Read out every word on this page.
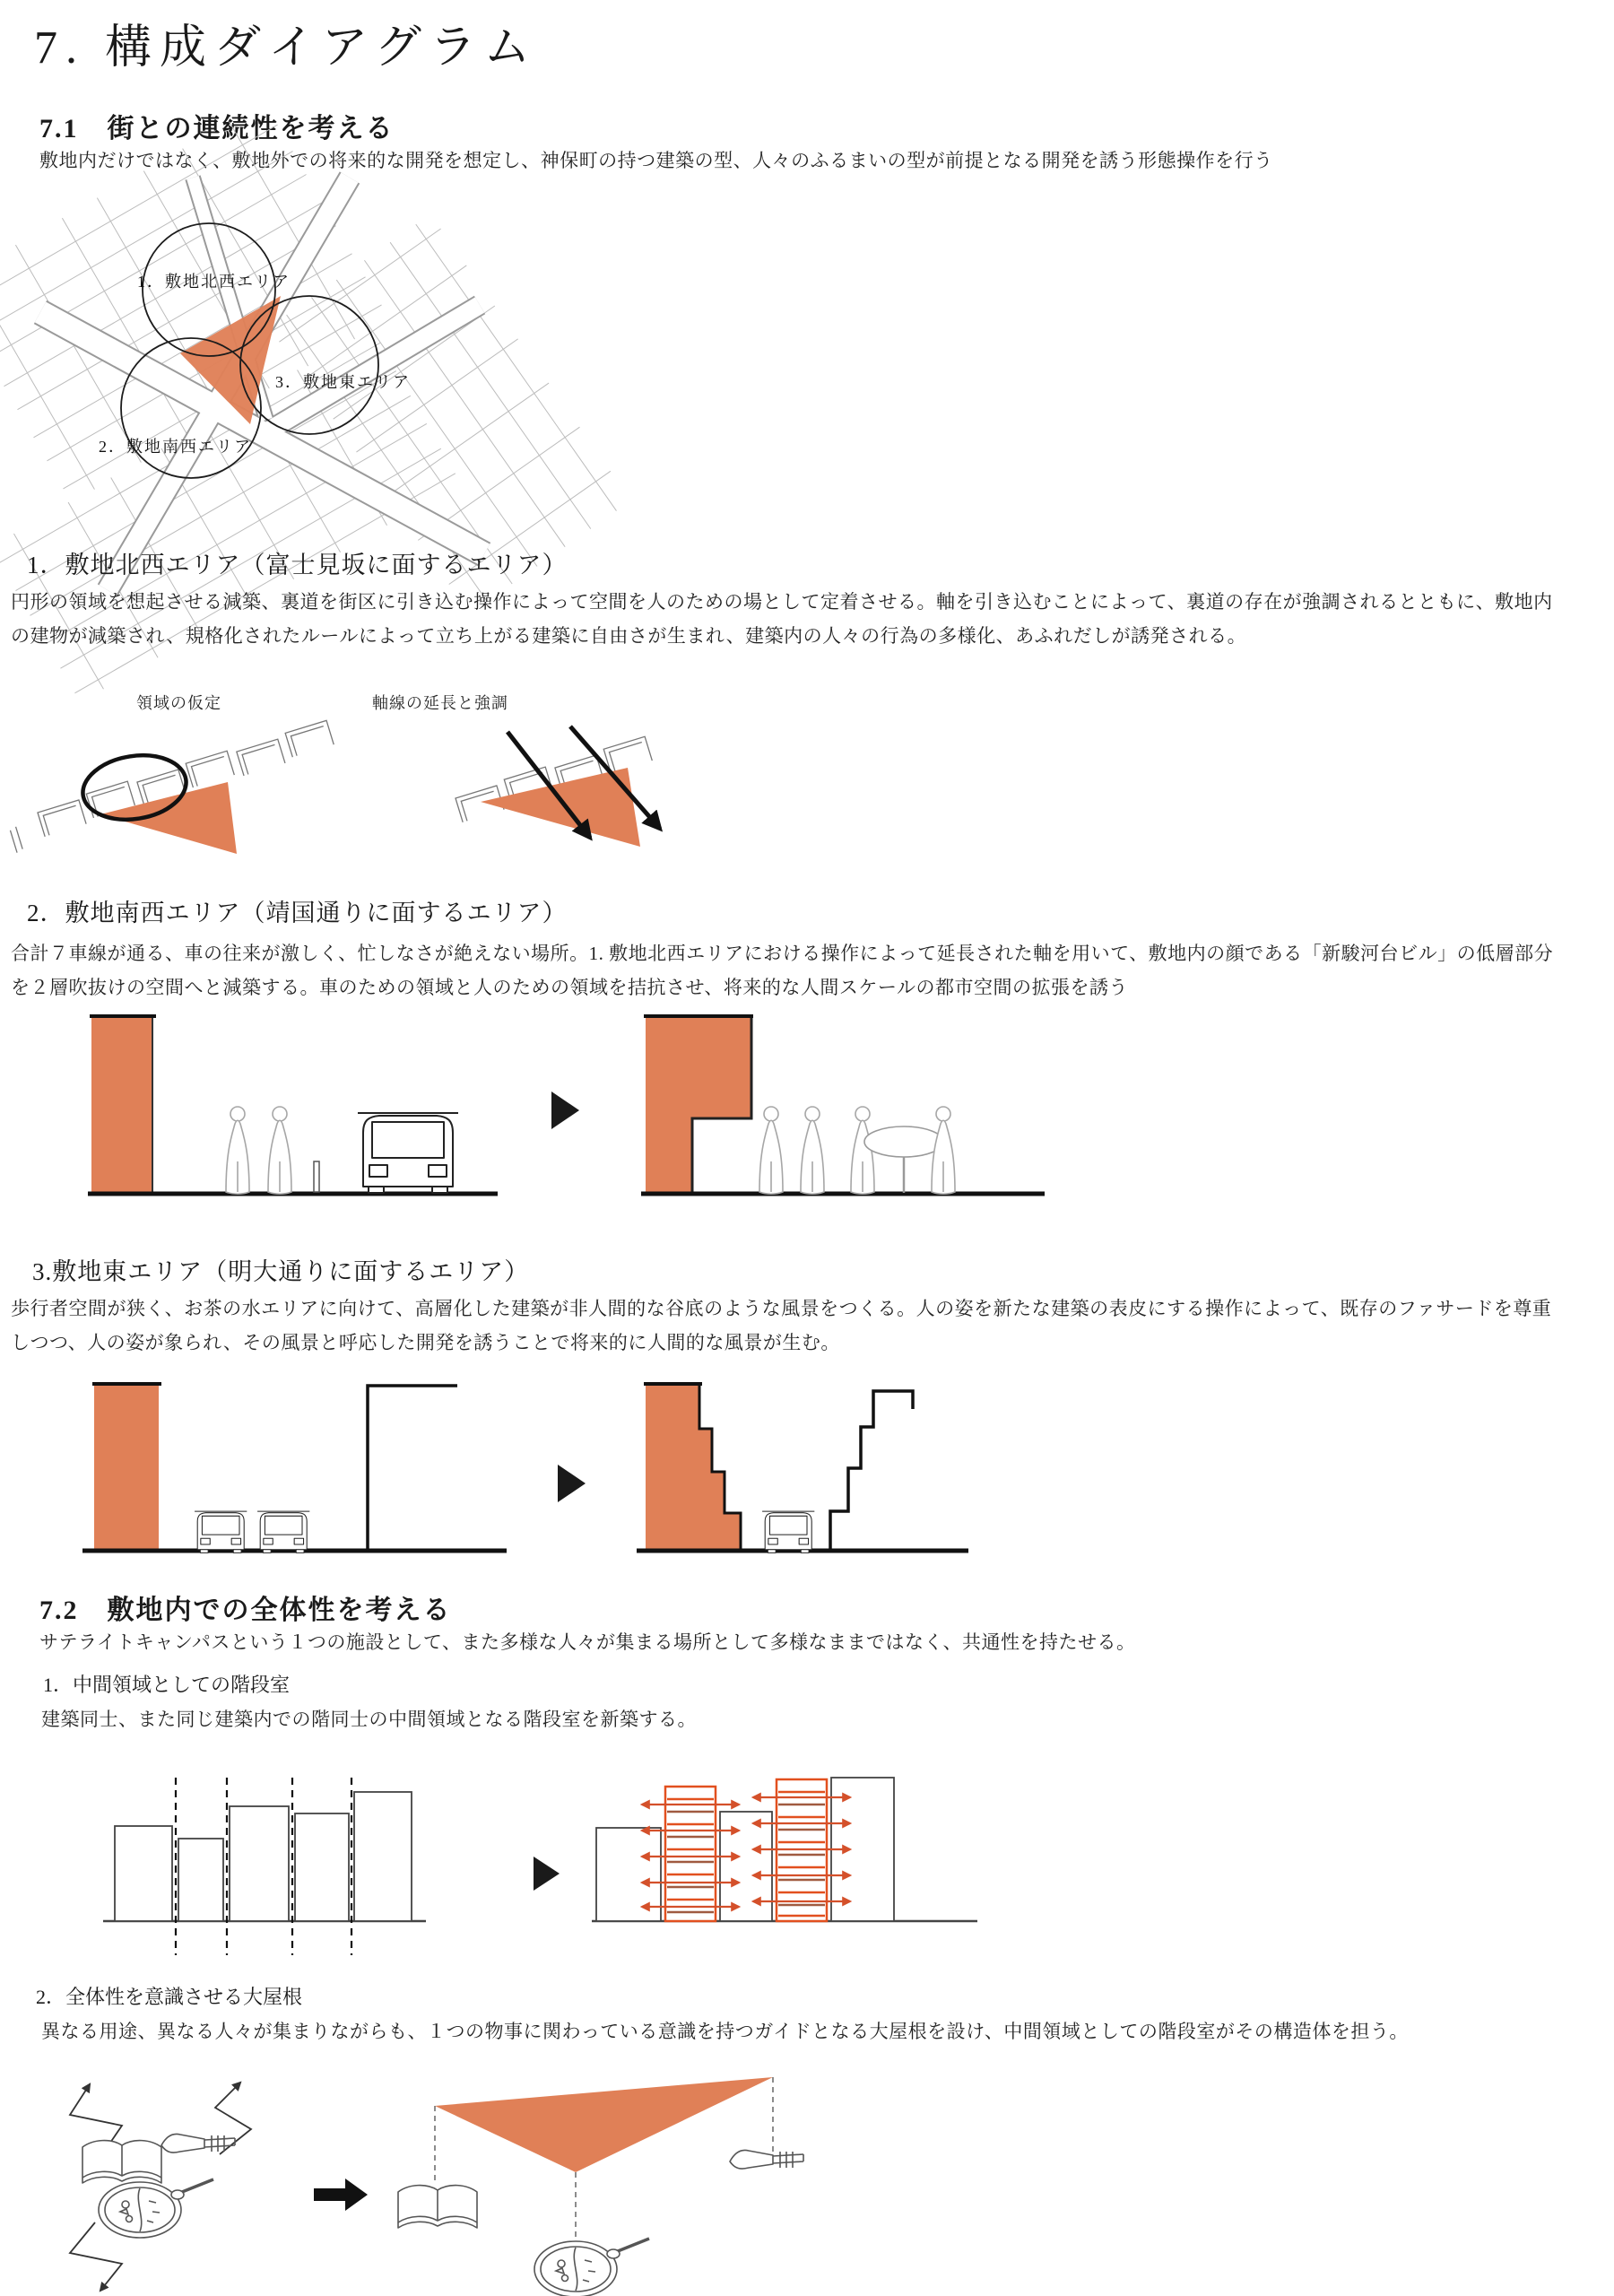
7. 構成ダイアグラム
7.1　街との連続性を考える
敷地内だけではなく、敷地外での将来的な開発を想定し、神保町の持つ建築の型、人々のふるまいの型が前提となる開発を誘う形態操作を行う
1．敷地北西エリア
3．敷地東エリア
2．敷地南西エリア
1．敷地北西エリア（富士見坂に面するエリア）
円形の領域を想起させる減築、裏道を街区に引き込む操作によって空間を人のための場として定着させる。軸を引き込むことによって、裏道の存在が強調されるとともに、敷地内の建物が減築され、規格化されたルールによって立ち上がる建築に自由さが生まれ、建築内の人々の行為の多様化、あふれだしが誘発される。
領域の仮定	軸線の延長と強調
2．敷地南西エリア（靖国通りに面するエリア）
合計７車線が通る、車の往来が激しく、忙しなさが絶えない場所。1. 敷地北西エリアにおける操作によって延長された軸を用いて、敷地内の顔である「新駿河台ビル」の低層部分を２層吹抜けの空間へと減築する。車のための領域と人のための領域を拮抗させ、将来的な人間スケールの都市空間の拡張を誘う
3.敷地東エリア（明大通りに面するエリア）
歩行者空間が狭く、お茶の水エリアに向けて、高層化した建築が非人間的な谷底のような風景をつくる。人の姿を新たな建築の表皮にする操作によって、既存のファサードを尊重しつつ、人の姿が象られ、その風景と呼応した開発を誘うことで将来的に人間的な風景が生む。
7.2　敷地内での全体性を考える
サテライトキャンパスという１つの施設として、また多様な人々が集まる場所として多様なままではなく、共通性を持たせる。
1．中間領域としての階段室
建築同士、また同じ建築内での階同士の中間領域となる階段室を新築する。
2．全体性を意識させる大屋根
異なる用途、異なる人々が集まりながらも、１つの物事に関わっている意識を持つガイドとなる大屋根を設け、中間領域としての階段室がその構造体を担う。
